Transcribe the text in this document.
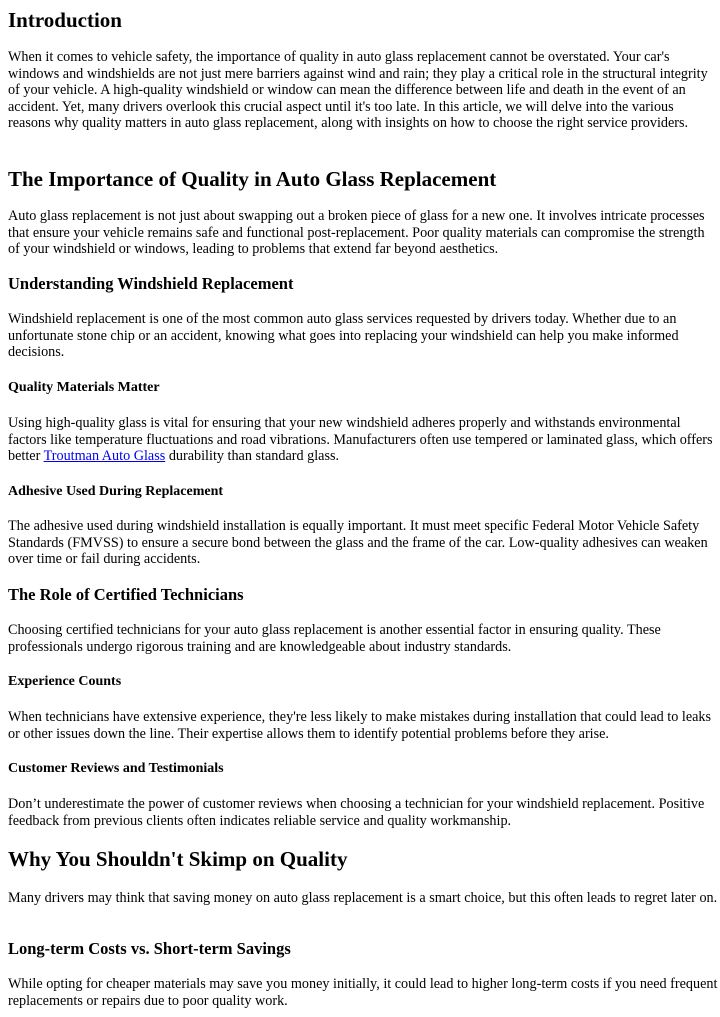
Introduction

When it comes to vehicle safety, the importance of quality in auto glass replacement cannot be overstated. Your car's windows and windshields are not just mere barriers against wind and rain; they play a critical role in the structural integrity of your vehicle. A high-quality windshield or window can mean the difference between life and death in the event of an accident. Yet, many drivers overlook this crucial aspect until it's too late. In this article, we will delve into the various reasons why quality matters in auto glass replacement, along with insights on how to choose the right service providers.

The Importance of Quality in Auto Glass Replacement

Auto glass replacement is not just about swapping out a broken piece of glass for a new one. It involves intricate processes that ensure your vehicle remains safe and functional post-replacement. Poor quality materials can compromise the strength of your windshield or windows, leading to problems that extend far beyond aesthetics.

Understanding Windshield Replacement

Windshield replacement is one of the most common auto glass services requested by drivers today. Whether due to an unfortunate stone chip or an accident, knowing what goes into replacing your windshield can help you make informed decisions.

Quality Materials Matter

Using high-quality glass is vital for ensuring that your new windshield adheres properly and withstands environmental factors like temperature fluctuations and road vibrations. Manufacturers often use tempered or laminated glass, which offers better Troutman Auto Glass durability than standard glass.

Adhesive Used During Replacement

The adhesive used during windshield installation is equally important. It must meet specific Federal Motor Vehicle Safety Standards (FMVSS) to ensure a secure bond between the glass and the frame of the car. Low-quality adhesives can weaken over time or fail during accidents.

The Role of Certified Technicians

Choosing certified technicians for your auto glass replacement is another essential factor in ensuring quality. These professionals undergo rigorous training and are knowledgeable about industry standards.

Experience Counts

When technicians have extensive experience, they're less likely to make mistakes during installation that could lead to leaks or other issues down the line. Their expertise allows them to identify potential problems before they arise.

Customer Reviews and Testimonials

Don’t underestimate the power of customer reviews when choosing a technician for your windshield replacement. Positive feedback from previous clients often indicates reliable service and quality workmanship.

Why You Shouldn't Skimp on Quality

Many drivers may think that saving money on auto glass replacement is a smart choice, but this often leads to regret later on.

Long-term Costs vs. Short-term Savings

While opting for cheaper materials may save you money initially, it could lead to higher long-term costs if you need frequent replacements or repairs due to poor quality work.
